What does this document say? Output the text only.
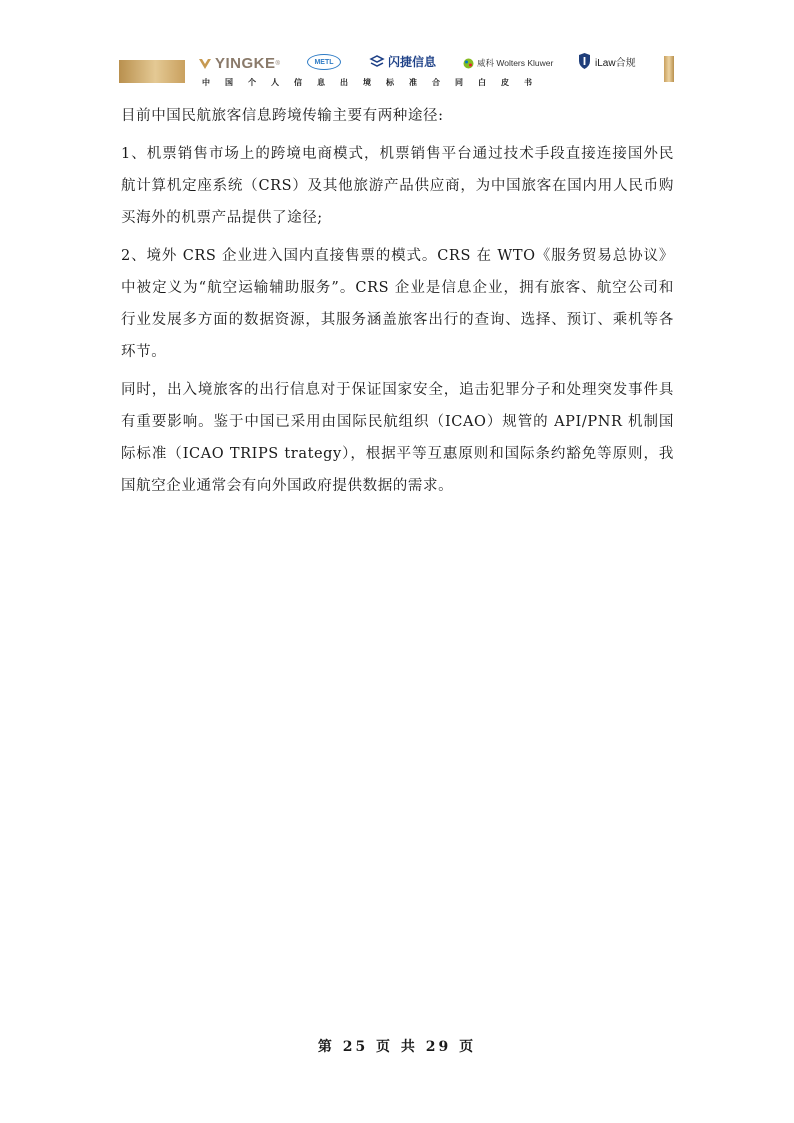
YINGKE ®	METL	闪捷信息	威科 Wolters Kluwer	iLaw合规
中国个人信息出境标准合同白皮书

目前中国民航旅客信息跨境传输主要有两种途径:

1、机票销售市场上的跨境电商模式，机票销售平台通过技术手段直接连接国外民航计算机定座系统（CRS）及其他旅游产品供应商，为中国旅客在国内用人民币购买海外的机票产品提供了途径;

2、境外 CRS 企业进入国内直接售票的模式。CRS 在 WTO《服务贸易总协议》中被定义为“航空运输辅助服务”。CRS 企业是信息企业，拥有旅客、航空公司和行业发展多方面的数据资源，其服务涵盖旅客出行的查询、选择、预订、乘机等各环节。

同时，出入境旅客的出行信息对于保证国家安全，追击犯罪分子和处理突发事件具有重要影响。鉴于中国已采用由国际民航组织（ICAO）规管的 API/PNR 机制国际标准（ICAO TRIPS trategy），根据平等互惠原则和国际条约豁免等原则，我国航空企业通常会有向外国政府提供数据的需求。

第 25 页 共 29 页
